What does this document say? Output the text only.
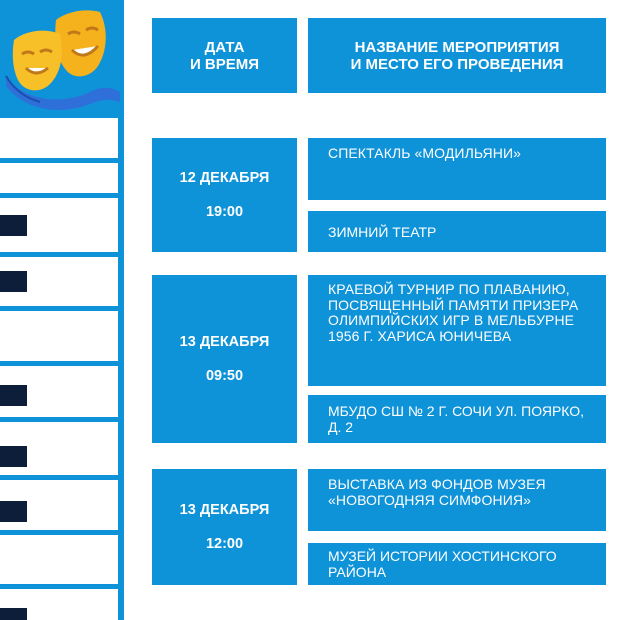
ДАТА
И ВРЕМЯ
НАЗВАНИЕ МЕРОПРИЯТИЯ
И МЕСТО ЕГО ПРОВЕДЕНИЯ
12 ДЕКАБРЯ
19:00
СПЕКТАКЛЬ «МОДИЛЬЯНИ»
ЗИМНИЙ ТЕАТР
13 ДЕКАБРЯ
09:50
КРАЕВОЙ ТУРНИР ПО ПЛАВАНИЮ, ПОСВЯЩЕННЫЙ ПАМЯТИ ПРИЗЕРА ОЛИМПИЙСКИХ ИГР В МЕЛЬБУРНЕ 1956 Г. ХАРИСА ЮНИЧЕВА
МБУДО СШ № 2 Г. СОЧИ УЛ. ПОЯРКО, Д. 2
13 ДЕКАБРЯ
12:00
ВЫСТАВКА ИЗ ФОНДОВ МУЗЕЯ «НОВОГОДНЯЯ СИМФОНИЯ»
МУЗЕЙ ИСТОРИИ ХОСТИНСКОГО РАЙОНА
